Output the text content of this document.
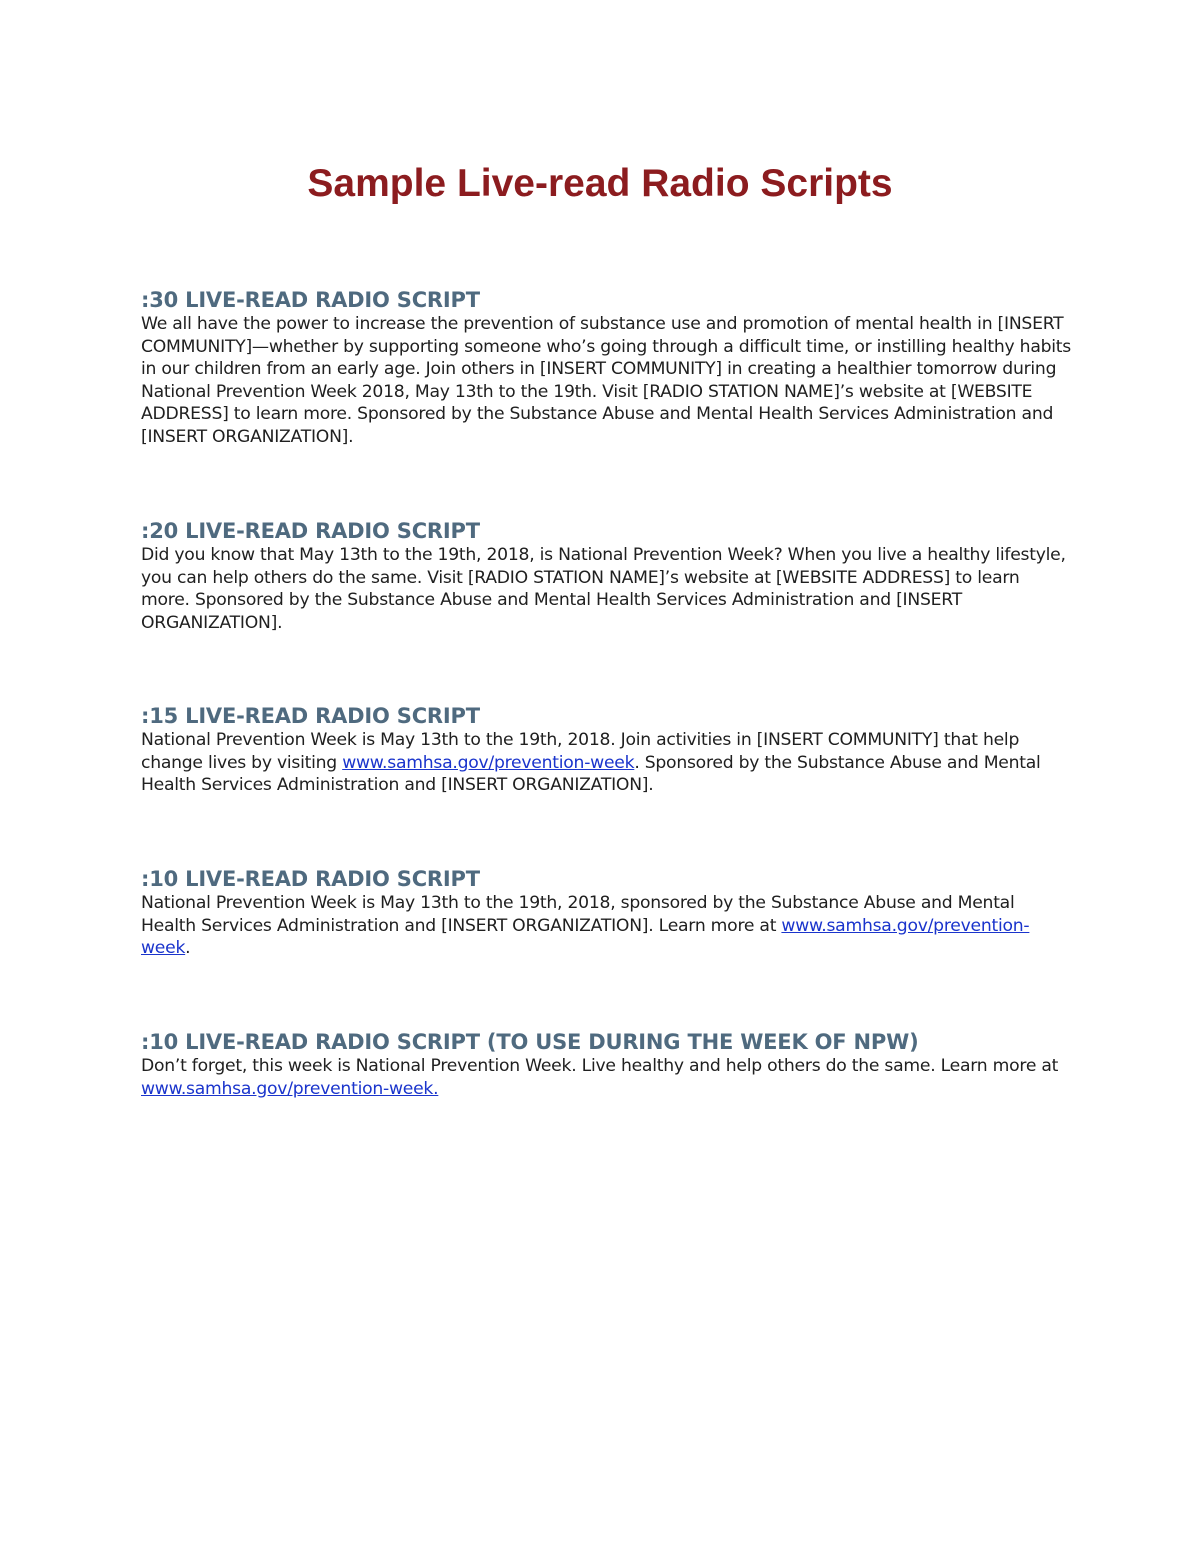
Sample Live-read Radio Scripts
:30 LIVE-READ RADIO SCRIPT

We all have the power to increase the prevention of substance use and promotion of mental health in [INSERT COMMUNITY]—whether by supporting someone who’s going through a difficult time, or instilling healthy habits in our children from an early age. Join others in [INSERT COMMUNITY] in creating a healthier tomorrow during National Prevention Week 2018, May 13th to the 19th. Visit [RADIO STATION NAME]’s website at [WEBSITE ADDRESS] to learn more. Sponsored by the Substance Abuse and Mental Health Services Administration and [INSERT ORGANIZATION].

:20 LIVE-READ RADIO SCRIPT

Did you know that May 13th to the 19th, 2018, is National Prevention Week? When you live a healthy lifestyle, you can help others do the same. Visit [RADIO STATION NAME]’s website at [WEBSITE ADDRESS] to learn more. Sponsored by the Substance Abuse and Mental Health Services Administration and [INSERT ORGANIZATION].

:15 LIVE-READ RADIO SCRIPT

National Prevention Week is May 13th to the 19th, 2018. Join activities in [INSERT COMMUNITY] that help change lives by visiting www.samhsa.gov/prevention-week. Sponsored by the Substance Abuse and Mental Health Services Administration and [INSERT ORGANIZATION].

:10 LIVE-READ RADIO SCRIPT

National Prevention Week is May 13th to the 19th, 2018, sponsored by the Substance Abuse and Mental Health Services Administration and [INSERT ORGANIZATION]. Learn more at www.samhsa.gov/prevention-week.

:10 LIVE-READ RADIO SCRIPT (TO USE DURING THE WEEK OF NPW)

Don’t forget, this week is National Prevention Week. Live healthy and help others do the same. Learn more at www.samhsa.gov/prevention-week.
